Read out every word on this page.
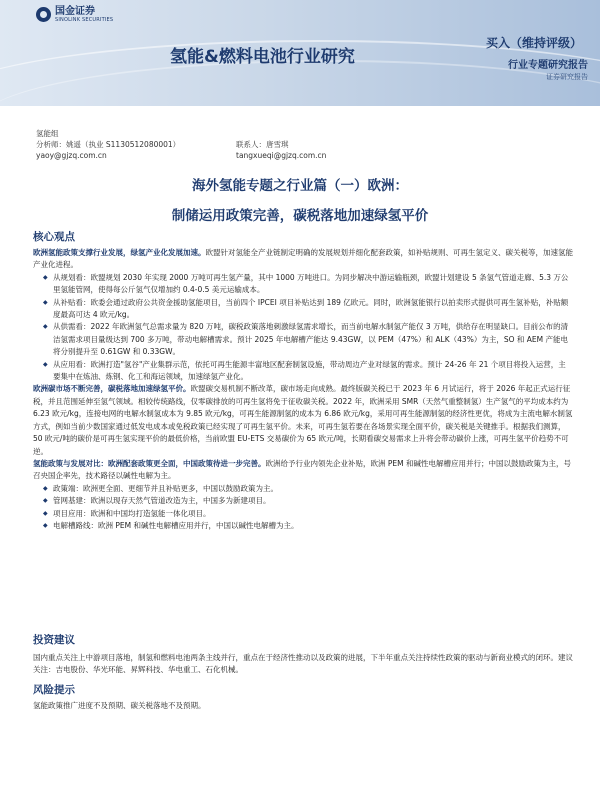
国金证券
SINOLINK SECURITIES
氢能&燃料电池行业研究
买入（维持评级）
行业专题研究报告
证券研究报告
氢能组
分析师：姚遥（执业 S1130512080001）	联系人：唐雪琪
yaoy@gjzq.com.cn	tangxueqi@gjzq.com.cn
海外氢能专题之行业篇（一）欧洲：
制储运用政策完善，碳税落地加速绿氢平价
核心观点

欧洲氢能政策支撑行业发展，绿氢产业化发展加速。欧盟针对氢能全产业链制定明确的发展规划并细化配套政策，如补贴规则、可再生氢定义、碳关税等，加速氢能产业化进程。

◆ 从规划看：欧盟规划 2030 年实现 2000 万吨可再生氢产量，其中 1000 万吨进口。为同步解决中游运输瓶颈，欧盟计划建设 5 条氢气管道走廊、5.3 万公里氢能管网，使得每公斤氢气仅增加约 0.4-0.5 美元运输成本。

◆ 从补贴看：欧委会通过政府公共资金援助氢能项目，当前四个 IPCEI 项目补贴达到 189 亿欧元。同时，欧洲氢能银行以拍卖形式提供可再生氢补贴，补贴额度最高可达 4 欧元/kg。

◆ 从供需看：2022 年欧洲氢气总需求量为 820 万吨，碳税政策落地刺激绿氢需求增长，而当前电解水制氢产能仅 3 万吨，供给存在明显缺口。目前公布的清洁氢需求项目量级达到 700 多万吨，带动电解槽需求。预计 2025 年电解槽产能达 9.43GW，以 PEM（47%）和 ALK（43%）为主，SO 和 AEM 产能电将分别提升至 0.61GW 和 0.33GW。

◆ 从应用看：欧洲打造"氢谷"产业集群示范，依托可再生能源丰富地区配套制氢设施，带动周边产业对绿氢的需求。预计 24-26 年 21 个项目将投入运营，主要集中在炼油、炼钢、化工和海运领域，加速绿氢产业化。

欧洲碳市场不断完善，碳税落地加速绿氢平价。欧盟碳交易机制不断改革，碳市场走向成熟。最终版碳关税已于 2023 年 6 月试运行，将于 2026 年起正式运行征税，并且范围延伸至氢气领域。相较传统路线，仅零碳排放的可再生氢将免于征收碳关税。2022 年，欧洲采用 SMR（天然气重整制氢）生产氢气的平均成本约为 6.23 欧元/kg，连接电网的电解水制氢成本为 9.85 欧元/kg，可再生能源制氢的成本为 6.86 欧元/kg，采用可再生能源制氢的经济性更优，将成为主流电解水制氢方式，例如当前少数国家通过低发电成本或免税政策已经实现了可再生氢平价。未来，可再生氢若要在各场景实现全面平价，碳关税是关键推手。根据我们测算，50 欧元/吨的碳价是可再生氢实现平价的最低价格，当前欧盟 EU-ETS 交易碳价为 65 欧元/吨，长期看碳交易需求上升将会带动碳价上涨，可再生氢平价趋势不可逆。

氢能政策与发展对比：欧洲配套政策更全面，中国政策待进一步完善。欧洲给予行业内领先企业补贴，欧洲 PEM 和碱性电解槽应用并行；中国以鼓励政策为主，号召央国企率先，技术路径以碱性电解为主。

◆ 政策端：欧洲更全面、更细节并且补贴更多，中国以鼓励政策为主。

◆ 管网基建：欧洲以现存天然气管道改造为主，中国多为新建项目。

◆ 项目应用：欧洲和中国均打造氢能一体化项目。

◆ 电解槽路线：欧洲 PEM 和碱性电解槽应用并行，中国以碱性电解槽为主。

投资建议
国内重点关注上中游项目落地，制氢和燃料电池两条主线并行，重点在于经济性推动以及政策的进展，下半年重点关注持续性政策的驱动与新商业模式的闭环。建议关注：吉电股份、华光环能、昇辉科技、华电重工、石化机械。
风险提示
氢能政策推广进度不及预期、碳关税落地不及预期。
